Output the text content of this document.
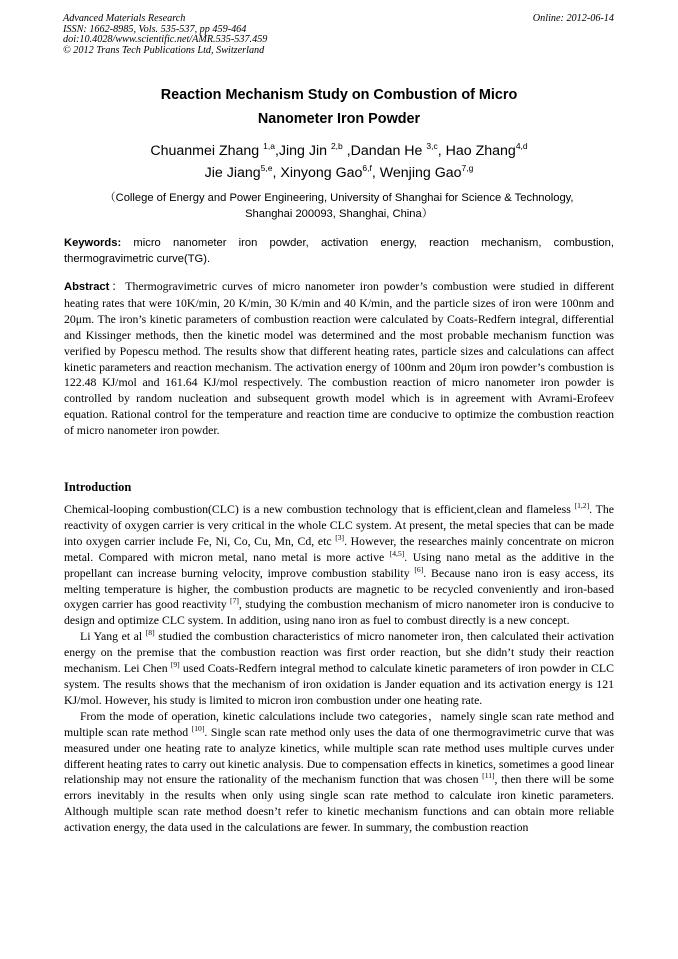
Advanced Materials Research
ISSN: 1662-8985, Vols. 535-537, pp 459-464
doi:10.4028/www.scientific.net/AMR.535-537.459
© 2012 Trans Tech Publications Ltd, Switzerland
Online: 2012-06-14
Reaction Mechanism Study on Combustion of Micro
Nanometer Iron Powder
Chuanmei Zhang $^{1,a}$,Jing Jin $^{2,b}$ ,Dandan He $^{3,c}$, Hao Zhang$^{4,d}$
Jie Jiang$^{5,e}$, Xinyong Gao$^{6,f}$, Wenjing Gao$^{7,g}$
（College of Energy and Power Engineering, University of Shanghai for Science & Technology,
Shanghai 200093, Shanghai, China）
Keywords: micro nanometer iron powder, activation energy, reaction mechanism, combustion, thermogravimetric curve(TG).
Abstract：Thermogravimetric curves of micro nanometer iron powder’s combustion were studied in different heating rates that were 10K/min, 20 K/min, 30 K/min and 40 K/min, and the particle sizes of iron were 100nm and 20μm. The iron’s kinetic parameters of combustion reaction were calculated by Coats-Redfern integral, differential and Kissinger methods, then the kinetic model was determined and the most probable mechanism function was verified by Popescu method. The results show that different heating rates, particle sizes and calculations can affect kinetic parameters and reaction mechanism. The activation energy of 100nm and 20μm iron powder’s combustion is 122.48 KJ/mol and 161.64 KJ/mol respectively. The combustion reaction of micro nanometer iron powder is controlled by random nucleation and subsequent growth model which is in agreement with Avrami-Erofeev equation. Rational control for the temperature and reaction time are conducive to optimize the combustion reaction of micro nanometer iron powder.
Introduction

Chemical-looping combustion(CLC) is a new combustion technology that is efficient,clean and flameless [1,2]. The reactivity of oxygen carrier is very critical in the whole CLC system. At present, the metal species that can be made into oxygen carrier include Fe, Ni, Co, Cu, Mn, Cd, etc [3]. However, the researches mainly concentrate on micron metal. Compared with micron metal, nano metal is more active [4,5]. Using nano metal as the additive in the propellant can increase burning velocity, improve combustion stability [6]. Because nano iron is easy access, its melting temperature is higher, the combustion products are magnetic to be recycled conveniently and iron-based oxygen carrier has good reactivity [7], studying the combustion mechanism of micro nanometer iron is conducive to design and optimize CLC system. In addition, using nano iron as fuel to combust directly is a new concept.

Li Yang et al [8] studied the combustion characteristics of micro nanometer iron, then calculated their activation energy on the premise that the combustion reaction was first order reaction, but she didn’t study their reaction mechanism. Lei Chen [9] used Coats-Redfern integral method to calculate kinetic parameters of iron powder in CLC system. The results shows that the mechanism of iron oxidation is Jander equation and its activation energy is 121 KJ/mol. However, his study is limited to micron iron combustion under one heating rate.

From the mode of operation, kinetic calculations include two categories，namely single scan rate method and multiple scan rate method [10]. Single scan rate method only uses the data of one thermogravimetric curve that was measured under one heating rate to analyze kinetics, while multiple scan rate method uses multiple curves under different heating rates to carry out kinetic analysis. Due to compensation effects in kinetics, sometimes a good linear relationship may not ensure the rationality of the mechanism function that was chosen [11], then there will be some errors inevitably in the results when only using single scan rate method to calculate iron kinetic parameters. Although multiple scan rate method doesn’t refer to kinetic mechanism functions and can obtain more reliable activation energy, the data used in the calculations are fewer. In summary, the combustion reaction
